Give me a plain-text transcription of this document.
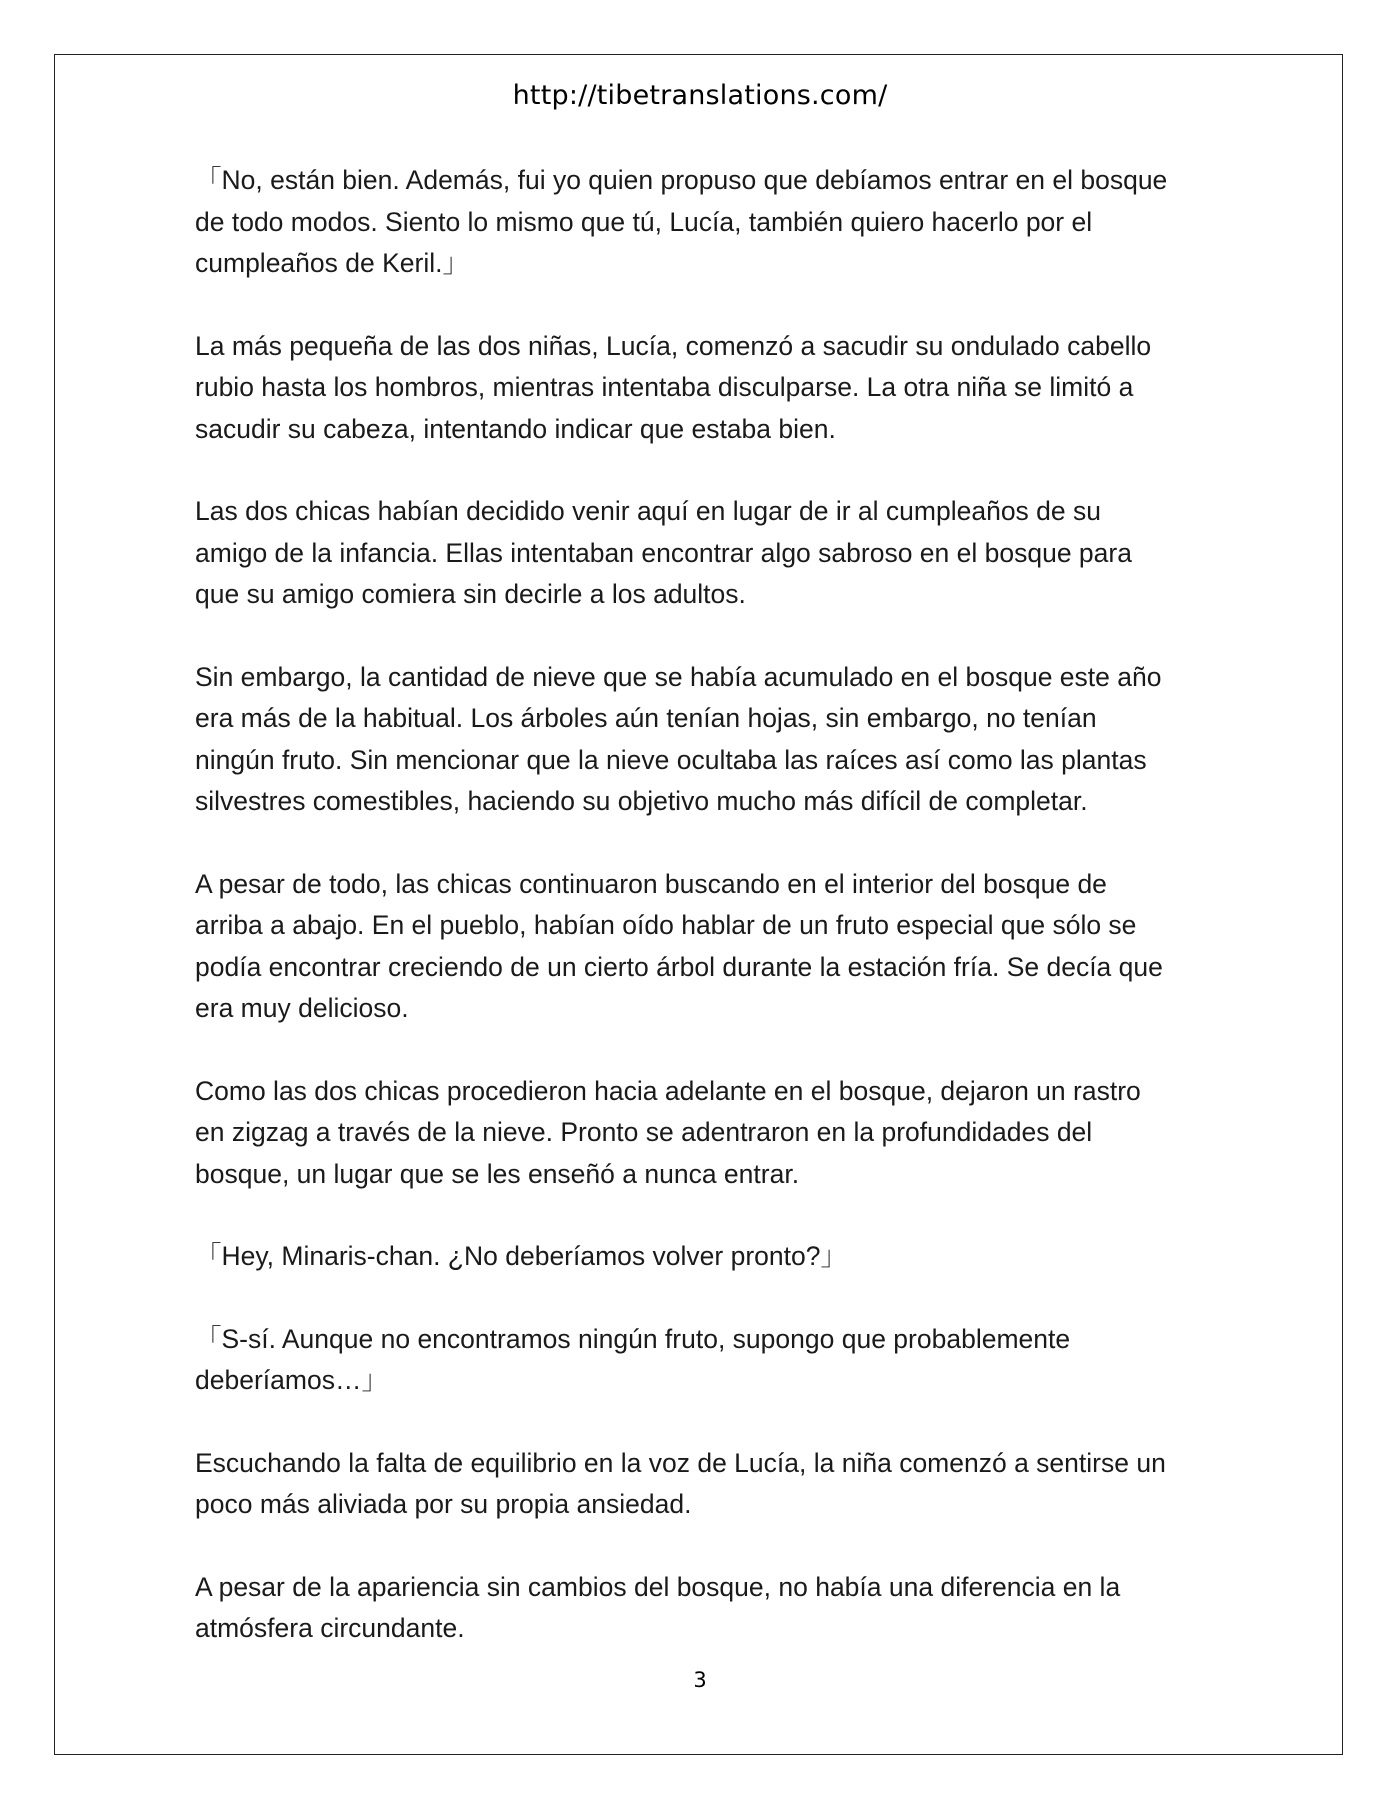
http://tibetranslations.com/

「No, están bien. Además, fui yo quien propuso que debíamos entrar en el bosque
de todo modos. Siento lo mismo que tú, Lucía, también quiero hacerlo por el
cumpleaños de Keril.」

La más pequeña de las dos niñas, Lucía, comenzó a sacudir su ondulado cabello
rubio hasta los hombros, mientras intentaba disculparse. La otra niña se limitó a
sacudir su cabeza, intentando indicar que estaba bien.

Las dos chicas habían decidido venir aquí en lugar de ir al cumpleaños de su
amigo de la infancia. Ellas intentaban encontrar algo sabroso en el bosque para
que su amigo comiera sin decirle a los adultos.

Sin embargo, la cantidad de nieve que se había acumulado en el bosque este año
era más de la habitual. Los árboles aún tenían hojas, sin embargo, no tenían
ningún fruto. Sin mencionar que la nieve ocultaba las raíces así como las plantas
silvestres comestibles, haciendo su objetivo mucho más difícil de completar.

A pesar de todo, las chicas continuaron buscando en el interior del bosque de
arriba a abajo. En el pueblo, habían oído hablar de un fruto especial que sólo se
podía encontrar creciendo de un cierto árbol durante la estación fría. Se decía que
era muy delicioso.

Como las dos chicas procedieron hacia adelante en el bosque, dejaron un rastro
en zigzag a través de la nieve. Pronto se adentraron en la profundidades del
bosque, un lugar que se les enseñó a nunca entrar.

「Hey, Minaris-chan. ¿No deberíamos volver pronto?」

「S-sí. Aunque no encontramos ningún fruto, supongo que probablemente
deberíamos…」

Escuchando la falta de equilibrio en la voz de Lucía, la niña comenzó a sentirse un
poco más aliviada por su propia ansiedad.

A pesar de la apariencia sin cambios del bosque, no había una diferencia en la
atmósfera circundante.

3
